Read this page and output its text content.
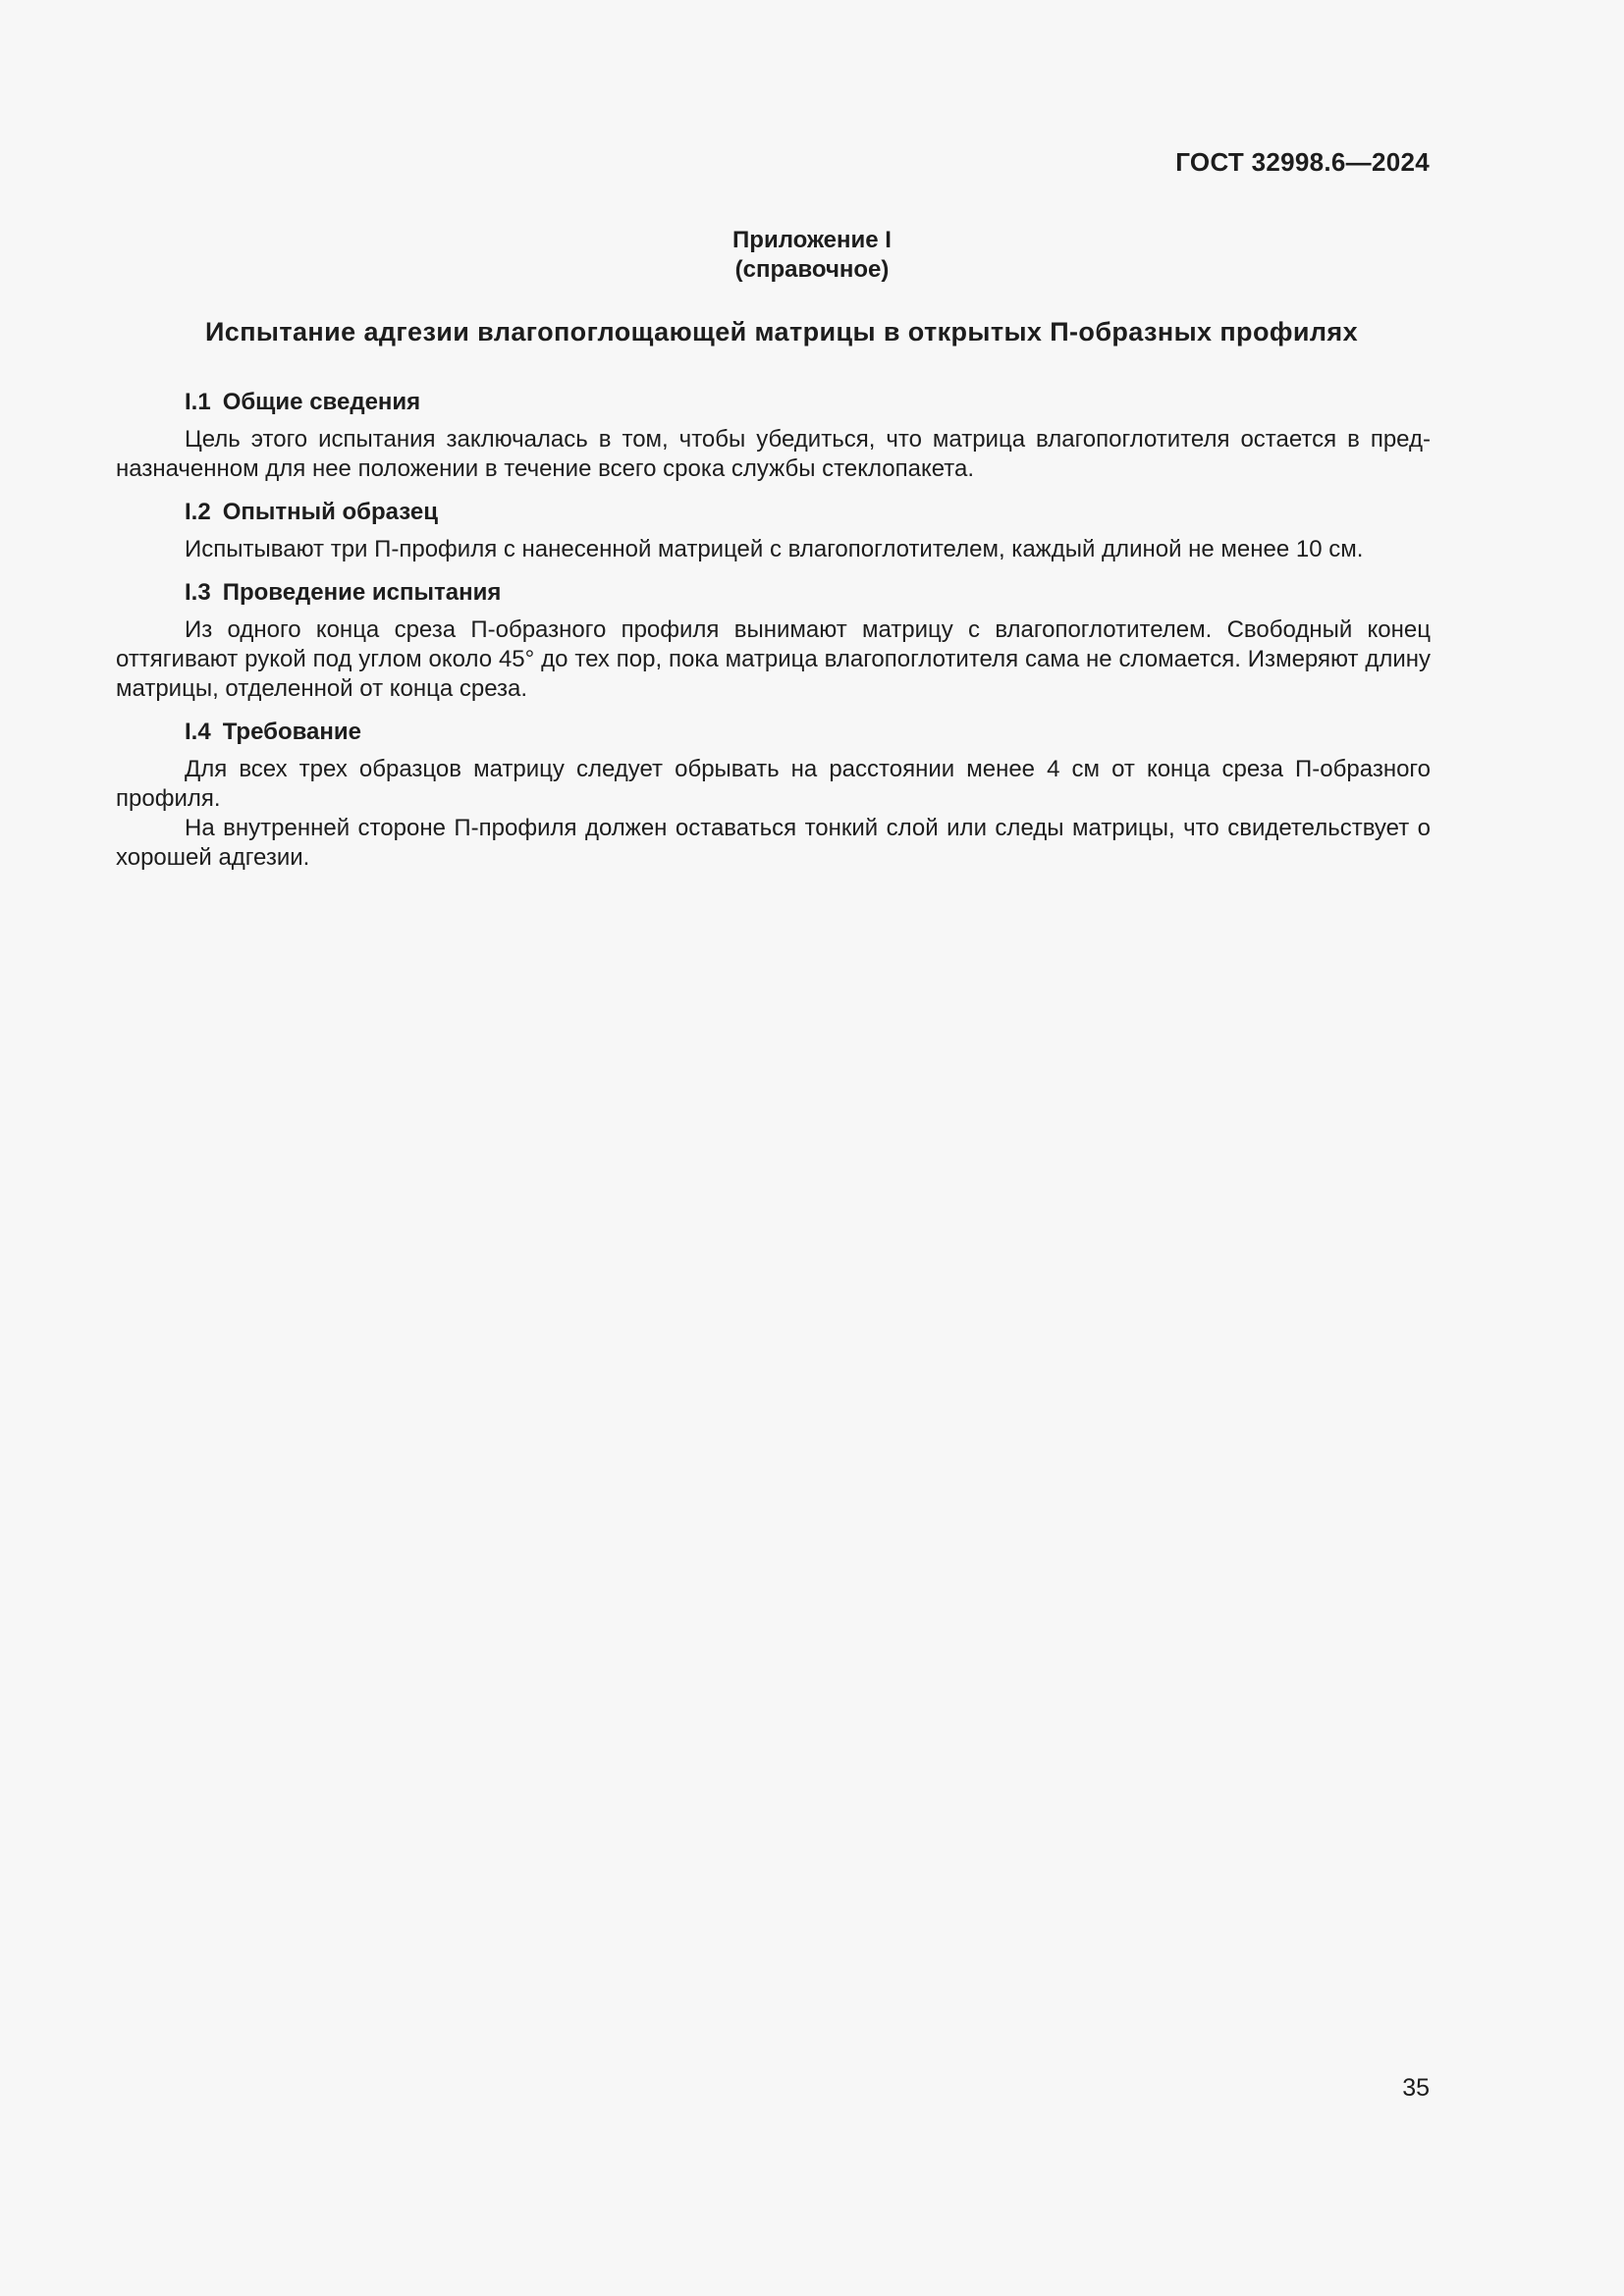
ГОСТ 32998.6—2024

Приложение I
(справочное)

Испытание адгезии влагопоглощающей матрицы в открытых П-образных профилях

I.1 Общие сведения

Цель этого испытания заключалась в том, чтобы убедиться, что матрица влагопоглотителя остается в пред-назначенном для нее положении в течение всего срока службы стеклопакета.

I.2 Опытный образец

Испытывают три П-профиля с нанесенной матрицей с влагопоглотителем, каждый длиной не менее 10 см.

I.3 Проведение испытания

Из одного конца среза П-образного профиля вынимают матрицу с влагопоглотителем. Свободный конец оттягивают рукой под углом около 45° до тех пор, пока матрица влагопоглотителя сама не сломается. Измеряют длину матрицы, отделенной от конца среза.

I.4 Требование

Для всех трех образцов матрицу следует обрывать на расстоянии менее 4 см от конца среза П-образного профиля.

На внутренней стороне П-профиля должен оставаться тонкий слой или следы матрицы, что свидетельствует о хорошей адгезии.

35
